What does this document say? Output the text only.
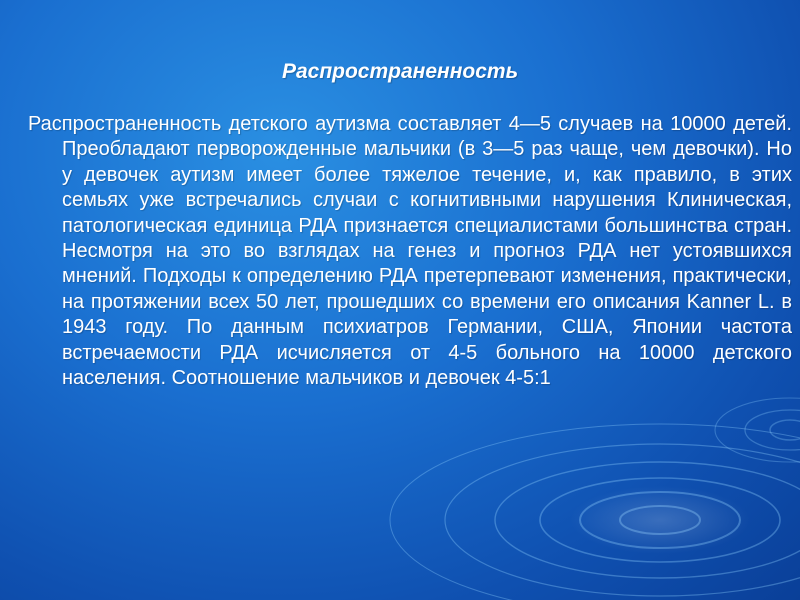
Распространенность

Распространенность детского аутизма составляет 4—5 случаев на 10000 детей. Преобладают перворожденные мальчики (в 3—5 раз чаще, чем девочки). Но у девочек аутизм имеет более тяжелое течение, и, как правило, в этих семьях уже встречались случаи с когнитивными нарушения Клиническая, патологическая единица РДА признается специалистами большинства стран. Несмотря на это во взглядах на генез и прогноз РДА нет устоявшихся мнений. Подходы к определению РДА претерпевают изменения, практически, на протяжении всех 50 лет, прошедших со времени его описания Kanner L. в 1943 году. По данным психиатров Германии, США, Японии частота встречаемости РДА исчисляется от 4-5 больного на 10000 детского населения. Соотношение мальчиков и девочек 4-5:1
